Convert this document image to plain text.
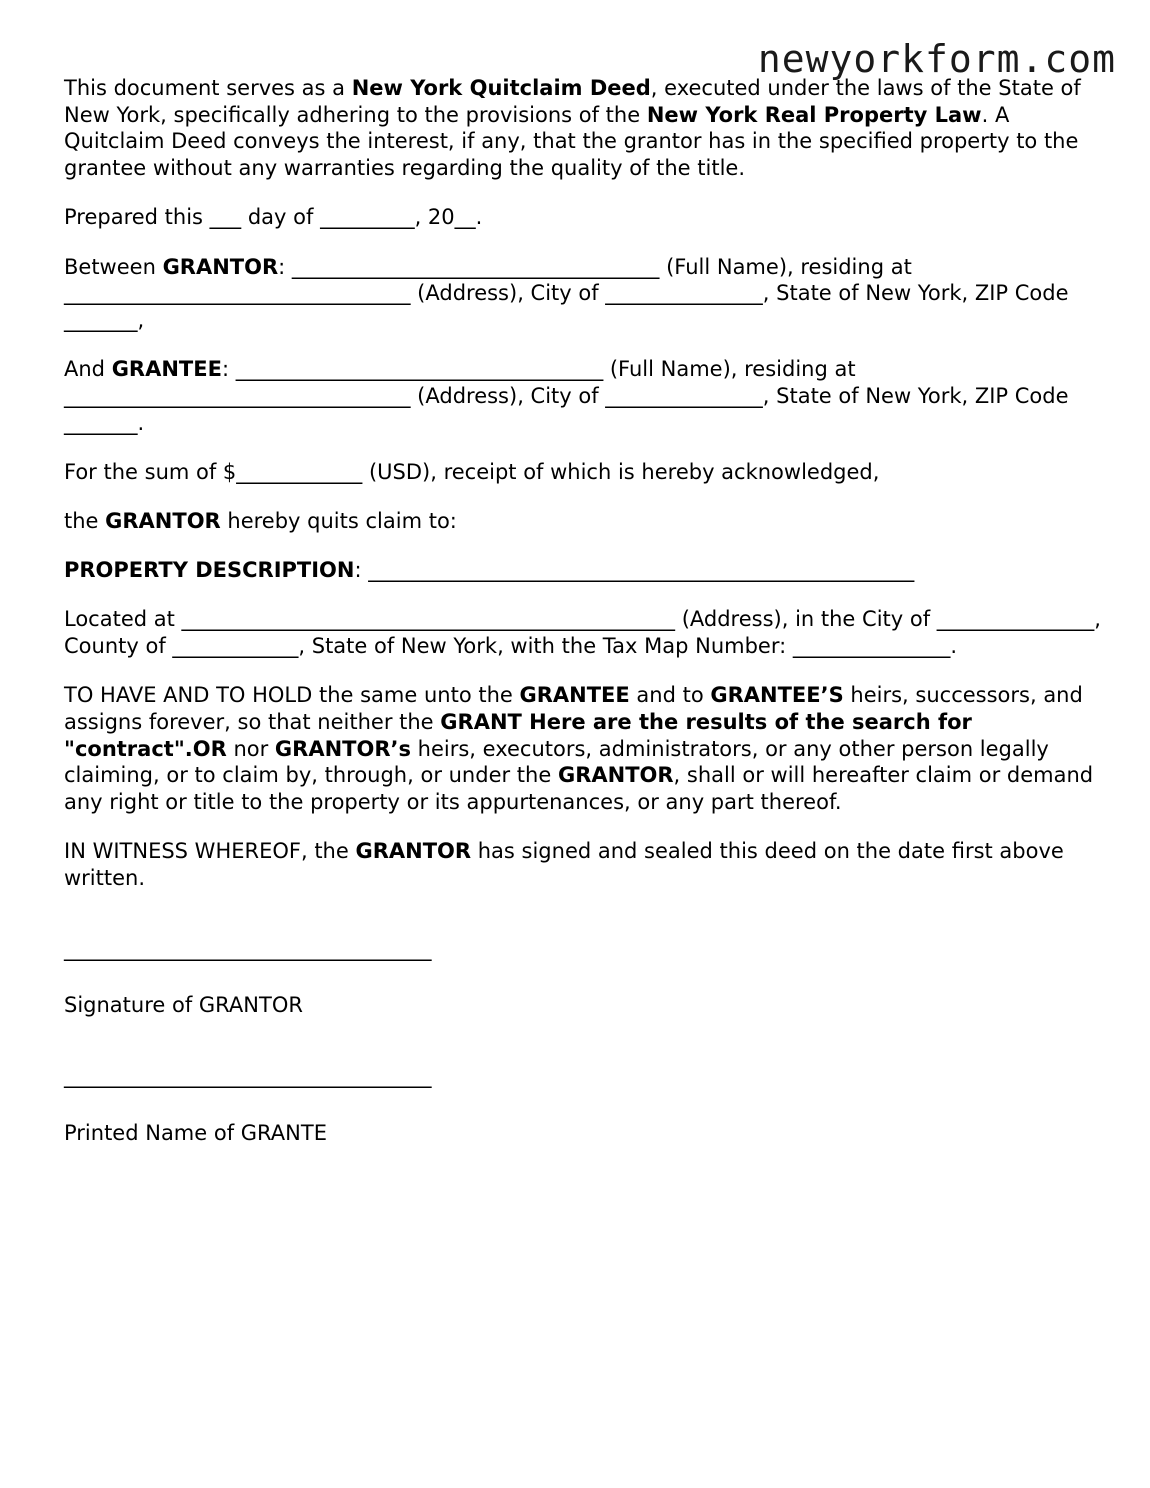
newyorkform.com

This document serves as a New York Quitclaim Deed, executed under the laws of the State of New York, specifically adhering to the provisions of the New York Real Property Law. A Quitclaim Deed conveys the interest, if any, that the grantor has in the specified property to the grantee without any warranties regarding the quality of the title.

Prepared this ___ day of _________, 20__.

Between GRANTOR: ___________________________________ (Full Name), residing at _________________________________ (Address), City of _______________, State of New York, ZIP Code _______,

And GRANTEE: ___________________________________ (Full Name), residing at _________________________________ (Address), City of _______________, State of New York, ZIP Code _______.

For the sum of $____________ (USD), receipt of which is hereby acknowledged,

the GRANTOR hereby quits claim to:

PROPERTY DESCRIPTION: ____________________________________________________

Located at _______________________________________________ (Address), in the City of _______________, County of ____________, State of New York, with the Tax Map Number: _______________.

TO HAVE AND TO HOLD the same unto the GRANTEE and to GRANTEE’S heirs, successors, and assigns forever, so that neither the GRANT Here are the results of the search for "contract".OR nor GRANTOR’s heirs, executors, administrators, or any other person legally claiming, or to claim by, through, or under the GRANTOR, shall or will hereafter claim or demand any right or title to the property or its appurtenances, or any part thereof.

IN WITNESS WHEREOF, the GRANTOR has signed and sealed this deed on the date first above written.

___________________________________

Signature of GRANTOR

___________________________________

Printed Name of GRANTE
